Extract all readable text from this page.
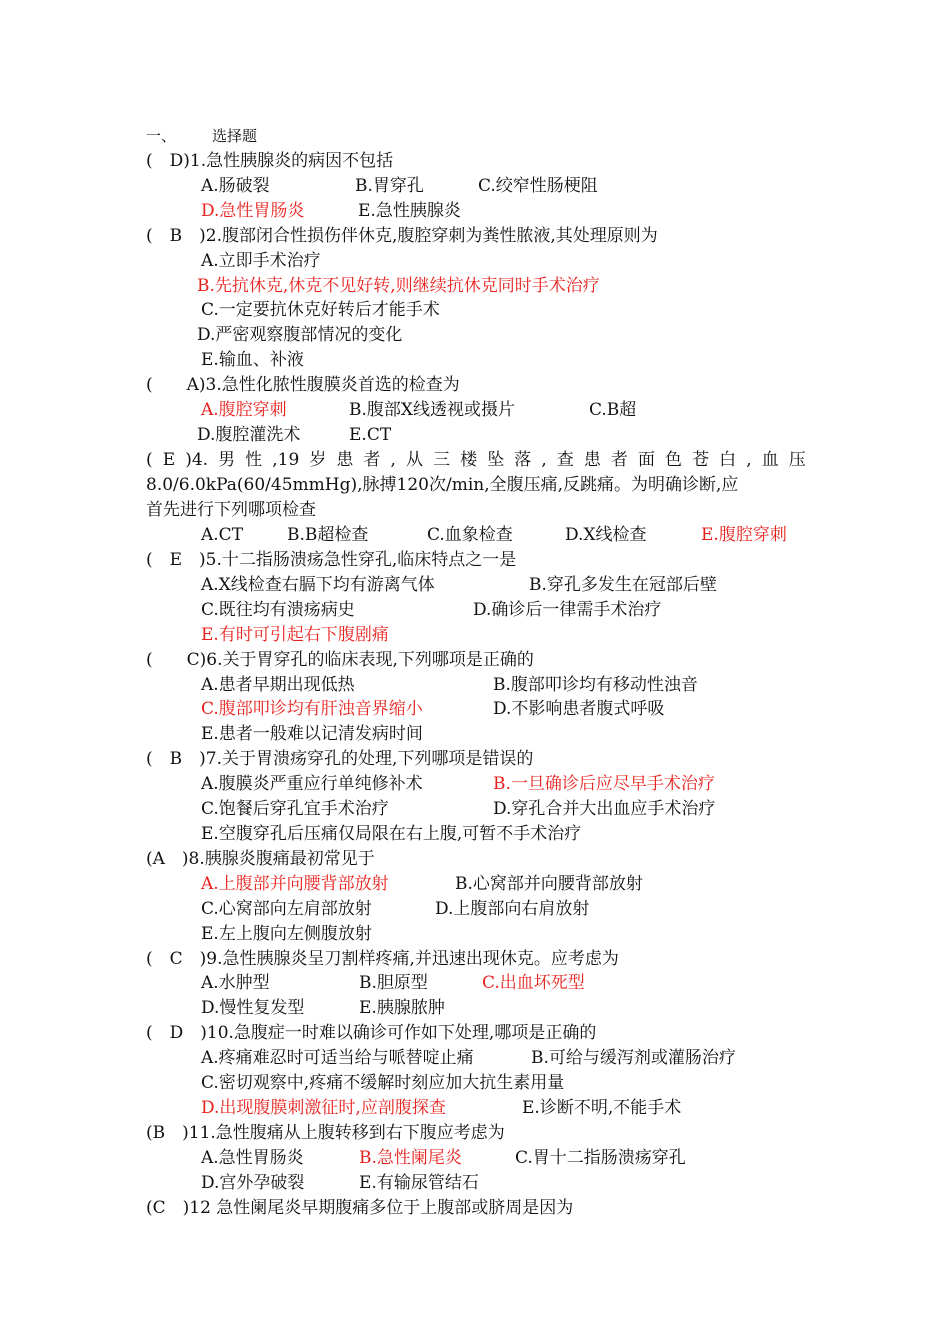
一、 选择题
(　D)1.急性胰腺炎的病因不包括
A.肠破裂	B.胃穿孔	C.绞窄性肠梗阻
D.急性胃肠炎	E.急性胰腺炎
(　B　)2.腹部闭合性损伤伴休克,腹腔穿刺为粪性脓液,其处理原则为
A.立即手术治疗
B.先抗休克,休克不见好转,则继续抗休克同时手术治疗
C.一定要抗休克好转后才能手术
D.严密观察腹部情况的变化
E.输血、补液
(　　A)3.急性化脓性腹膜炎首选的检查为
A.腹腔穿刺	B.腹部X线透视或摄片	C.B超
D.腹腔灌洗术	E.CT
( E )4. 男 性 ,19 岁 患 者 , 从 三 楼 坠 落 , 查 患 者 面 色 苍 白 , 血 压
8.0/6.0kPa(60/45mmHg),脉搏120次/min,全腹压痛,反跳痛。为明确诊断,应
首先进行下列哪项检查
A.CT	B.B超检查	C.血象检查	D.X线检查	E.腹腔穿刺
(　E　)5.十二指肠溃疡急性穿孔,临床特点之一是
A.X线检查右膈下均有游离气体	B.穿孔多发生在冠部后壁
C.既往均有溃疡病史	D.确诊后一律需手术治疗
E.有时可引起右下腹剧痛
(　　C)6.关于胃穿孔的临床表现,下列哪项是正确的
A.患者早期出现低热	B.腹部叩诊均有移动性浊音
C.腹部叩诊均有肝浊音界缩小	D.不影响患者腹式呼吸
E.患者一般难以记清发病时间
(　B　)7.关于胃溃疡穿孔的处理,下列哪项是错误的
A.腹膜炎严重应行单纯修补术	B.一旦确诊后应尽早手术治疗
C.饱餐后穿孔宜手术治疗	D.穿孔合并大出血应手术治疗
E.空腹穿孔后压痛仅局限在右上腹,可暂不手术治疗
(A　)8.胰腺炎腹痛最初常见于
A.上腹部并向腰背部放射	B.心窝部并向腰背部放射
C.心窝部向左肩部放射	D.上腹部向右肩放射
E.左上腹向左侧腹放射
(　C　)9.急性胰腺炎呈刀割样疼痛,并迅速出现休克。应考虑为
A.水肿型	B.胆原型	C.出血坏死型
D.慢性复发型	E.胰腺脓肿
(　D　)10.急腹症一时难以确诊可作如下处理,哪项是正确的
A.疼痛难忍时可适当给与哌替啶止痛	B.可给与缓泻剂或灌肠治疗
C.密切观察中,疼痛不缓解时刻应加大抗生素用量
D.出现腹膜刺激征时,应剖腹探查	E.诊断不明,不能手术
(B　)11.急性腹痛从上腹转移到右下腹应考虑为
A.急性胃肠炎	B.急性阑尾炎	C.胃十二指肠溃疡穿孔
D.宫外孕破裂	E.有输尿管结石
(C　)12 急性阑尾炎早期腹痛多位于上腹部或脐周是因为
